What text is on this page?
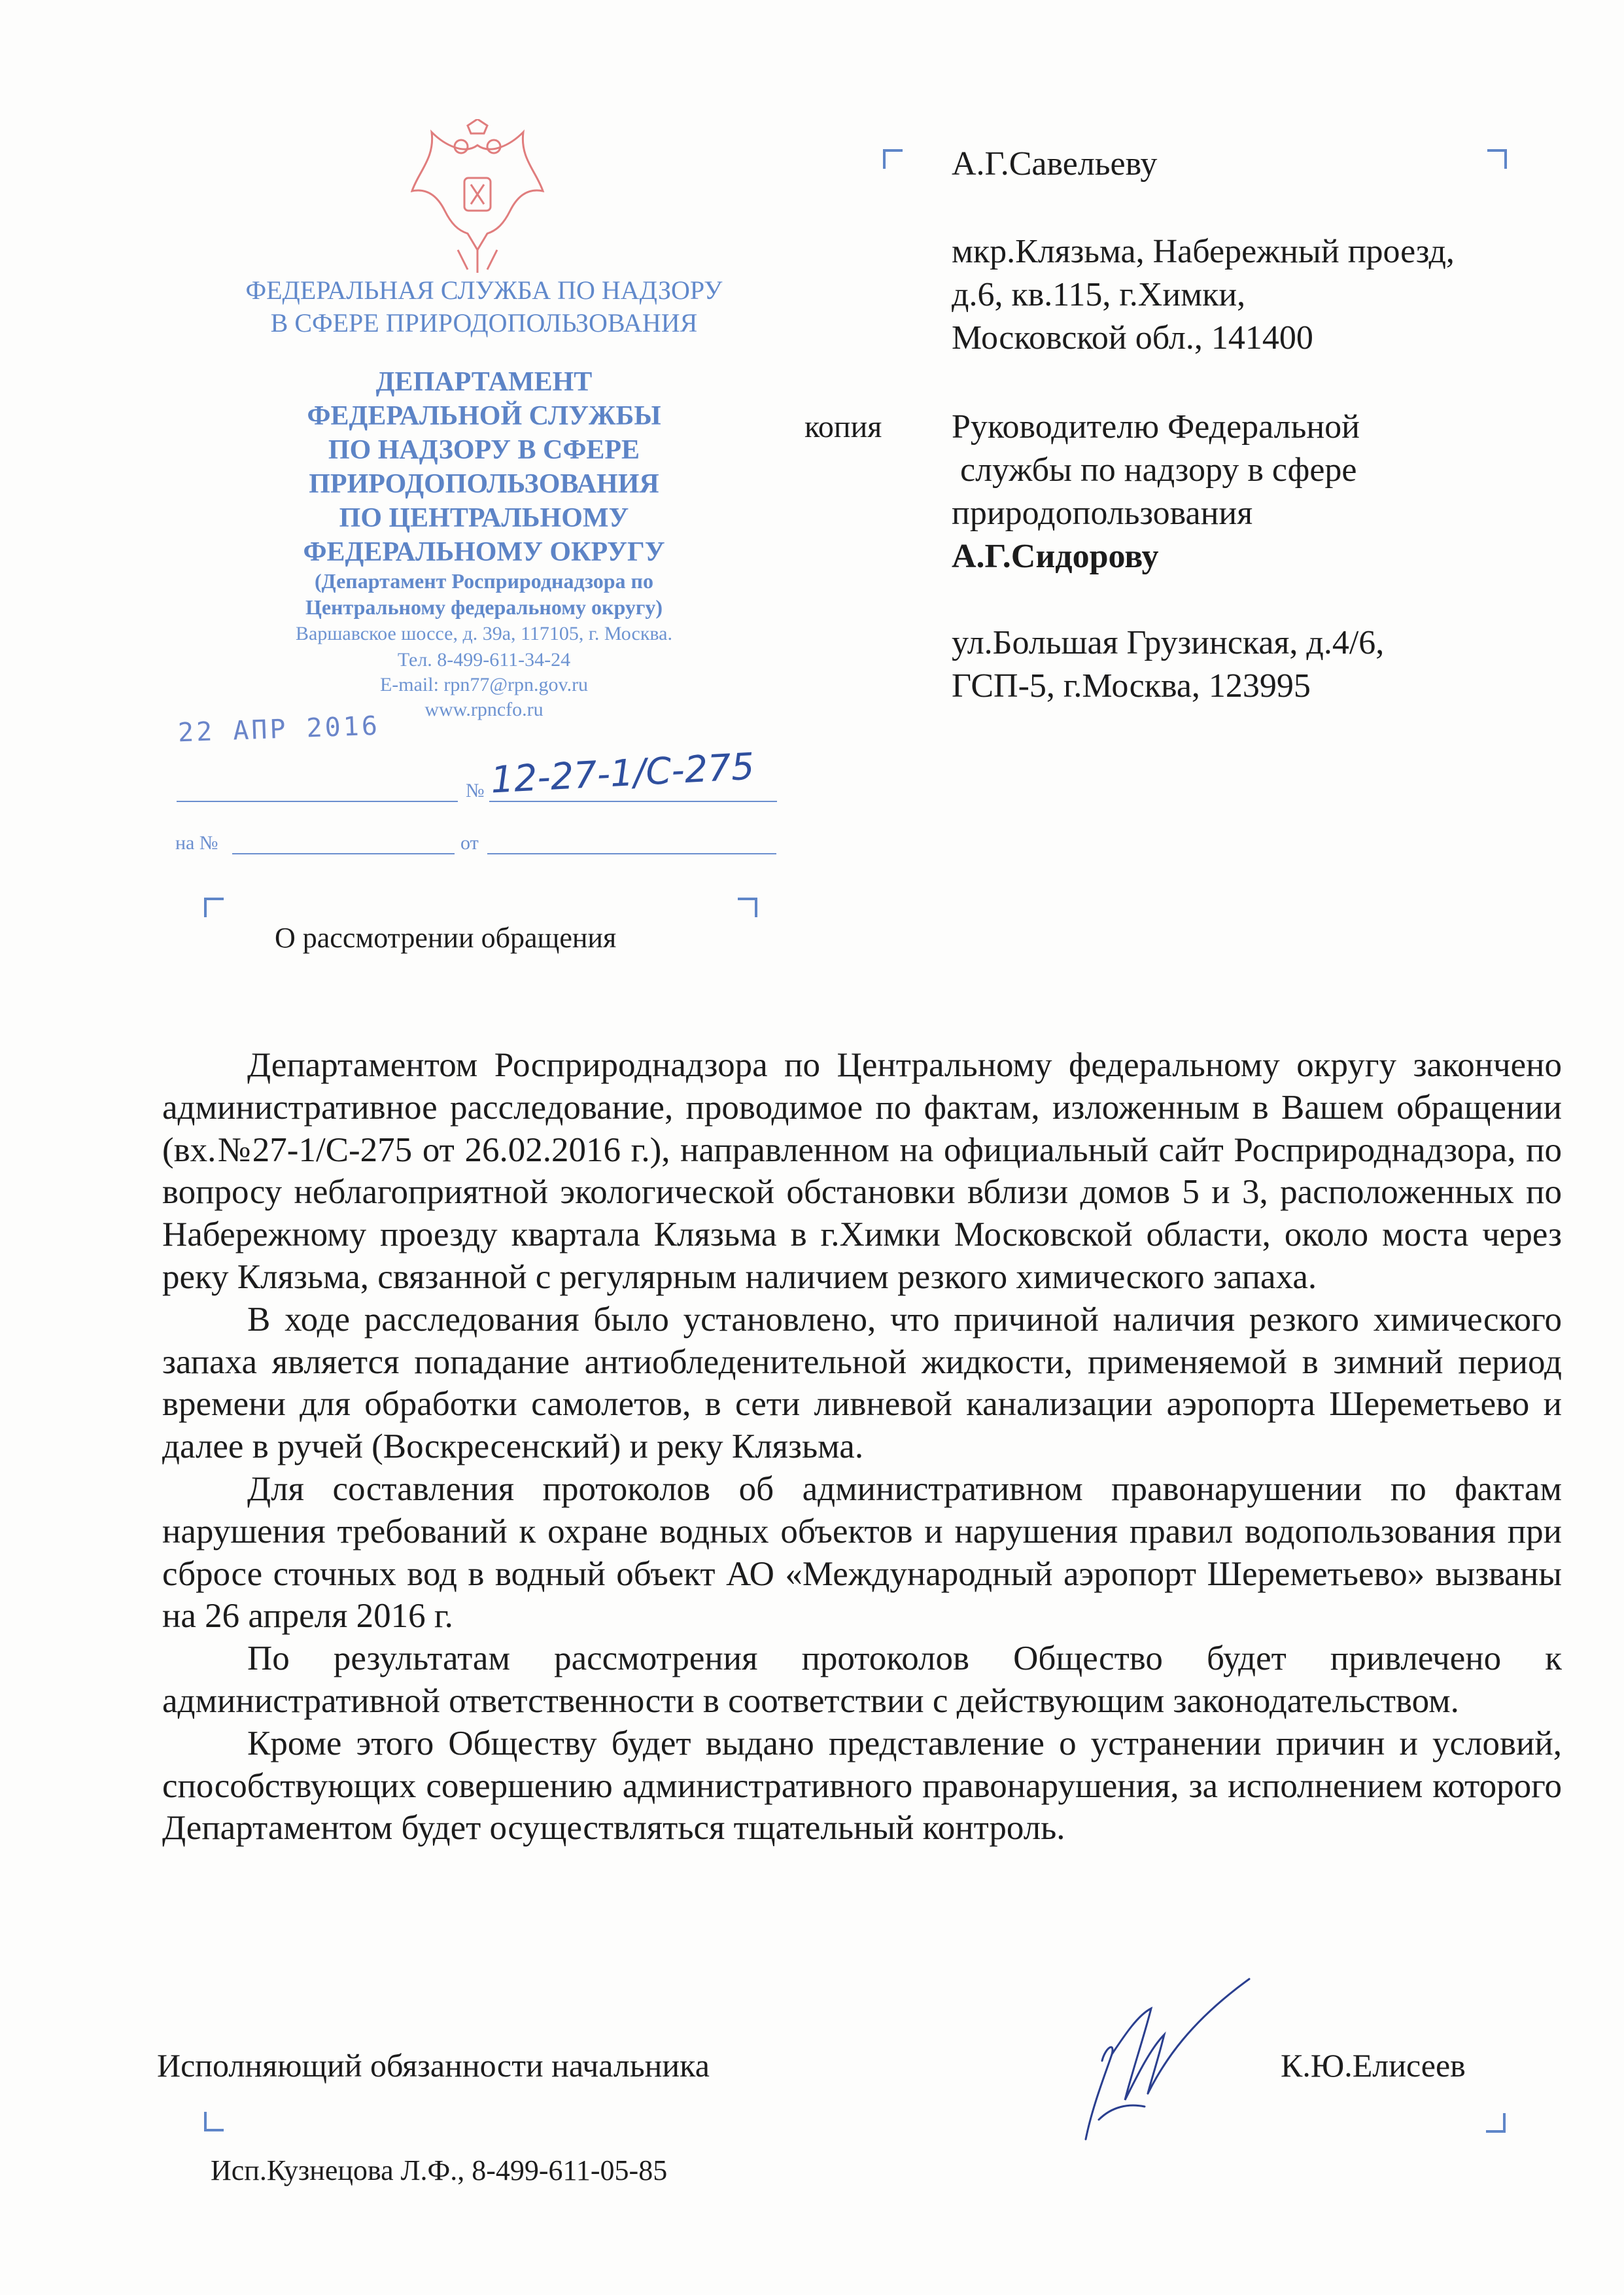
ФЕДЕРАЛЬНАЯ СЛУЖБА ПО НАДЗОРУ
В СФЕРЕ ПРИРОДОПОЛЬЗОВАНИЯ
ДЕПАРТАМЕНТ
ФЕДЕРАЛЬНОЙ СЛУЖБЫ
ПО НАДЗОРУ В СФЕРЕ
ПРИРОДОПОЛЬЗОВАНИЯ
ПО ЦЕНТРАЛЬНОМУ
ФЕДЕРАЛЬНОМУ ОКРУГУ
(Департамент Росприроднадзора по
Центральному федеральному округу)
Варшавское шоссе, д. 39а, 117105, г. Москва.
Тел. 8-499-611-34-24
E-mail: rpn77@rpn.gov.ru
www.rpncfo.ru
22 АПР 2016
№ 12-27-1/С-275
на №	от
О рассмотрении обращения
А.Г.Савельеву
мкр.Клязьма, Набережный проезд,
д.6, кв.115, г.Химки,
Московской обл., 141400
копия Руководителю Федеральной
службы по надзору в сфере
природопользования
А.Г.Сидорову
ул.Большая Грузинская, д.4/6,
ГСП-5, г.Москва, 123995

Департаментом Росприроднадзора по Центральному федеральному округу закончено административное расследование, проводимое по фактам, изложенным в Вашем обращении (вх.№27-1/С-275 от 26.02.2016 г.), направленном на официальный сайт Росприроднадзора, по вопросу неблагоприятной экологической обстановки вблизи домов 5 и 3, расположенных по Набережному проезду квартала Клязьма в г.Химки Московской области, около моста через реку Клязьма, связанной с регулярным наличием резкого химического запаха.

В ходе расследования было установлено, что причиной наличия резкого химического запаха является попадание антиобледенительной жидкости, применяемой в зимний период времени для обработки самолетов, в сети ливневой канализации аэропорта Шереметьево и далее в ручей (Воскресенский) и реку Клязьма.

Для составления протоколов об административном правонарушении по фактам нарушения требований к охране водных объектов и нарушения правил водопользования при сбросе сточных вод в водный объект АО «Международный аэропорт Шереметьево» вызваны на 26 апреля 2016 г.

По результатам рассмотрения протоколов Общество будет привлечено к административной ответственности в соответствии с действующим законодательством.

Кроме этого Обществу будет выдано представление о устранении причин и условий, способствующих совершению административного правонарушения, за исполнением которого Департаментом будет осуществляться тщательный контроль.

Исполняющий обязанности начальника	К.Ю.Елисеев
Исп.Кузнецова Л.Ф., 8-499-611-05-85
